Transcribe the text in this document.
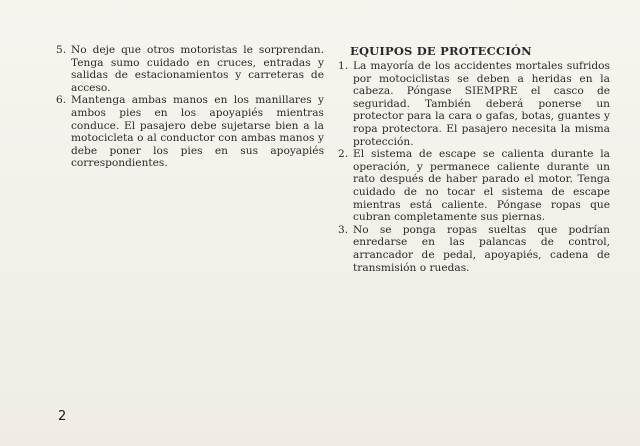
5. No deje que otros motoristas le sorprendan. Tenga sumo cuidado en cruces, entradas y salidas de estacionamientos y carreteras de acceso.

6. Mantenga ambas manos en los manillares y ambos pies en los apoyapiés mientras conduce. El pasajero debe sujetarse bien a la motocicleta o al conductor con ambas manos y debe poner los pies en sus apoyapiés correspondientes.

EQUIPOS DE PROTECCIÓN

1. La mayoría de los accidentes mortales sufridos por motociclistas se deben a heridas en la cabeza. Póngase SIEMPRE el casco de seguridad. También deberá ponerse un protector para la cara o gafas, botas, guantes y ropa protectora. El pasajero necesita la misma protección.

2. El sistema de escape se calienta durante la operación, y permanece caliente durante un rato después de haber parado el motor. Tenga cuidado de no tocar el sistema de escape mientras está caliente. Póngase ropas que cubran completamente sus piernas.

3. No se ponga ropas sueltas que podrían enredarse en las palancas de control, arrancador de pedal, apoyapiés, cadena de transmisión o ruedas.

2
